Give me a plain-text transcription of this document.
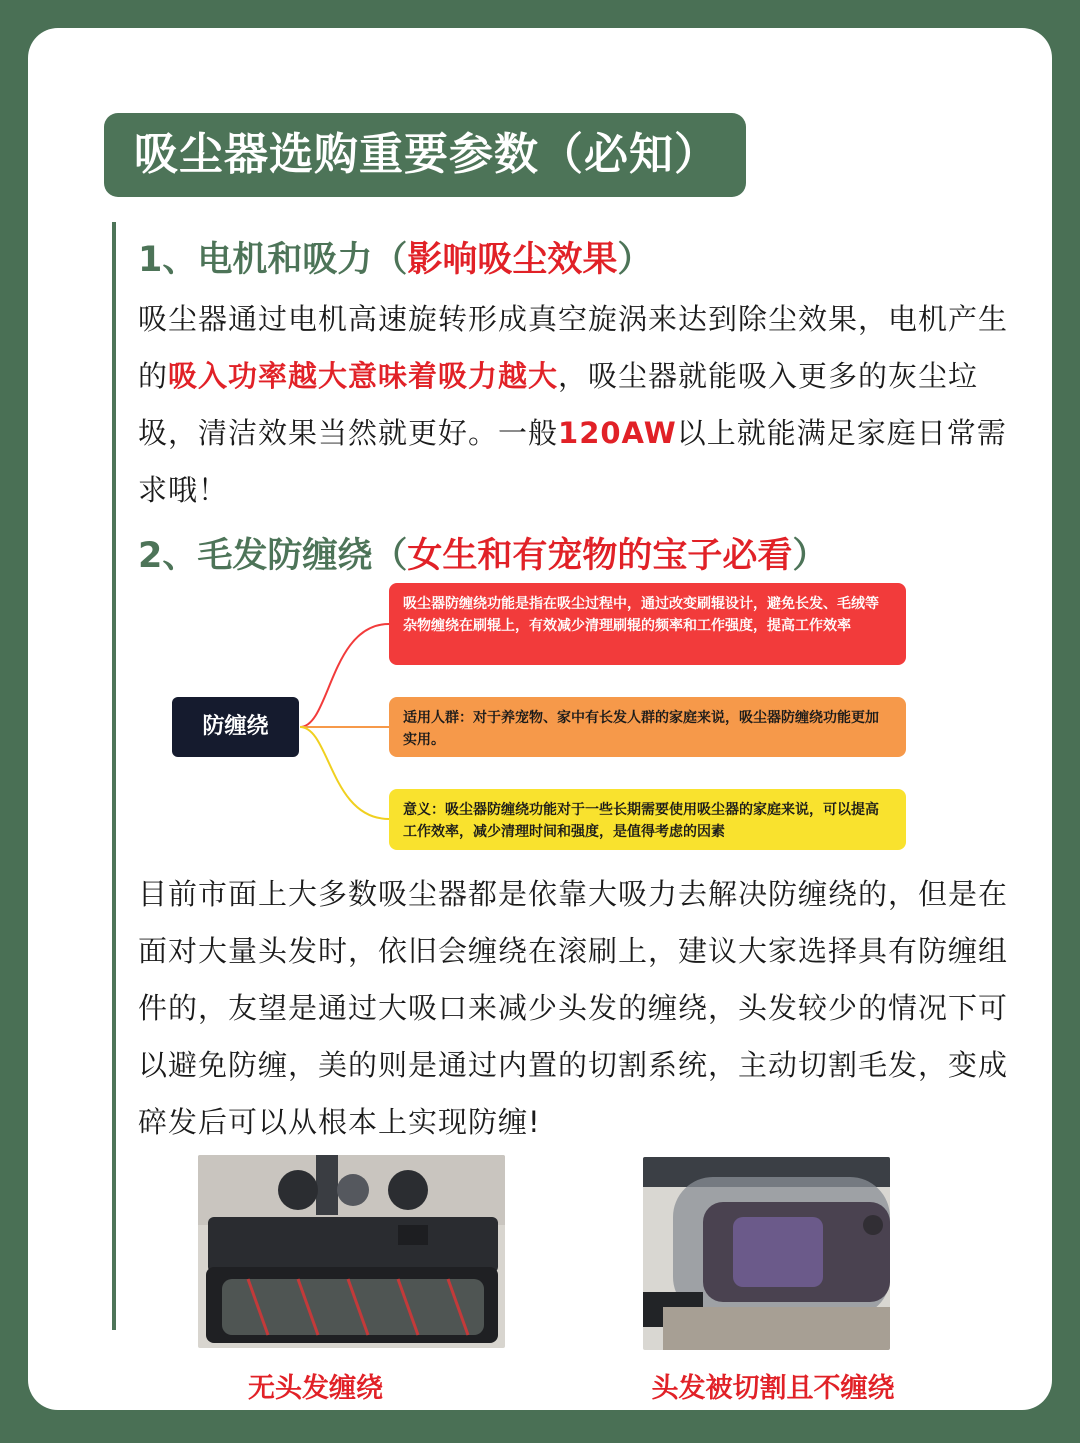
吸尘器选购重要参数（必知）
1、电机和吸力（影响吸尘效果）
吸尘器通过电机高速旋转形成真空旋涡来达到除尘效果，电机产生的吸入功率越大意味着吸力越大，吸尘器就能吸入更多的灰尘垃圾，清洁效果当然就更好。一般120AW以上就能满足家庭日常需求哦！
2、毛发防缠绕（女生和有宠物的宝子必看）
防缠绕
吸尘器防缠绕功能是指在吸尘过程中，通过改变刷辊设计，避免长发、毛绒等杂物缠绕在刷辊上，有效减少清理刷辊的频率和工作强度，提高工作效率
适用人群：对于养宠物、家中有长发人群的家庭来说，吸尘器防缠绕功能更加实用。
意义：吸尘器防缠绕功能对于一些长期需要使用吸尘器的家庭来说，可以提高工作效率，减少清理时间和强度，是值得考虑的因素
目前市面上大多数吸尘器都是依靠大吸力去解决防缠绕的，但是在面对大量头发时，依旧会缠绕在滚刷上，建议大家选择具有防缠组件的，友望是通过大吸口来减少头发的缠绕，头发较少的情况下可以避免防缠，美的则是通过内置的切割系统，主动切割毛发，变成碎发后可以从根本上实现防缠!
无头发缠绕	头发被切割且不缠绕
